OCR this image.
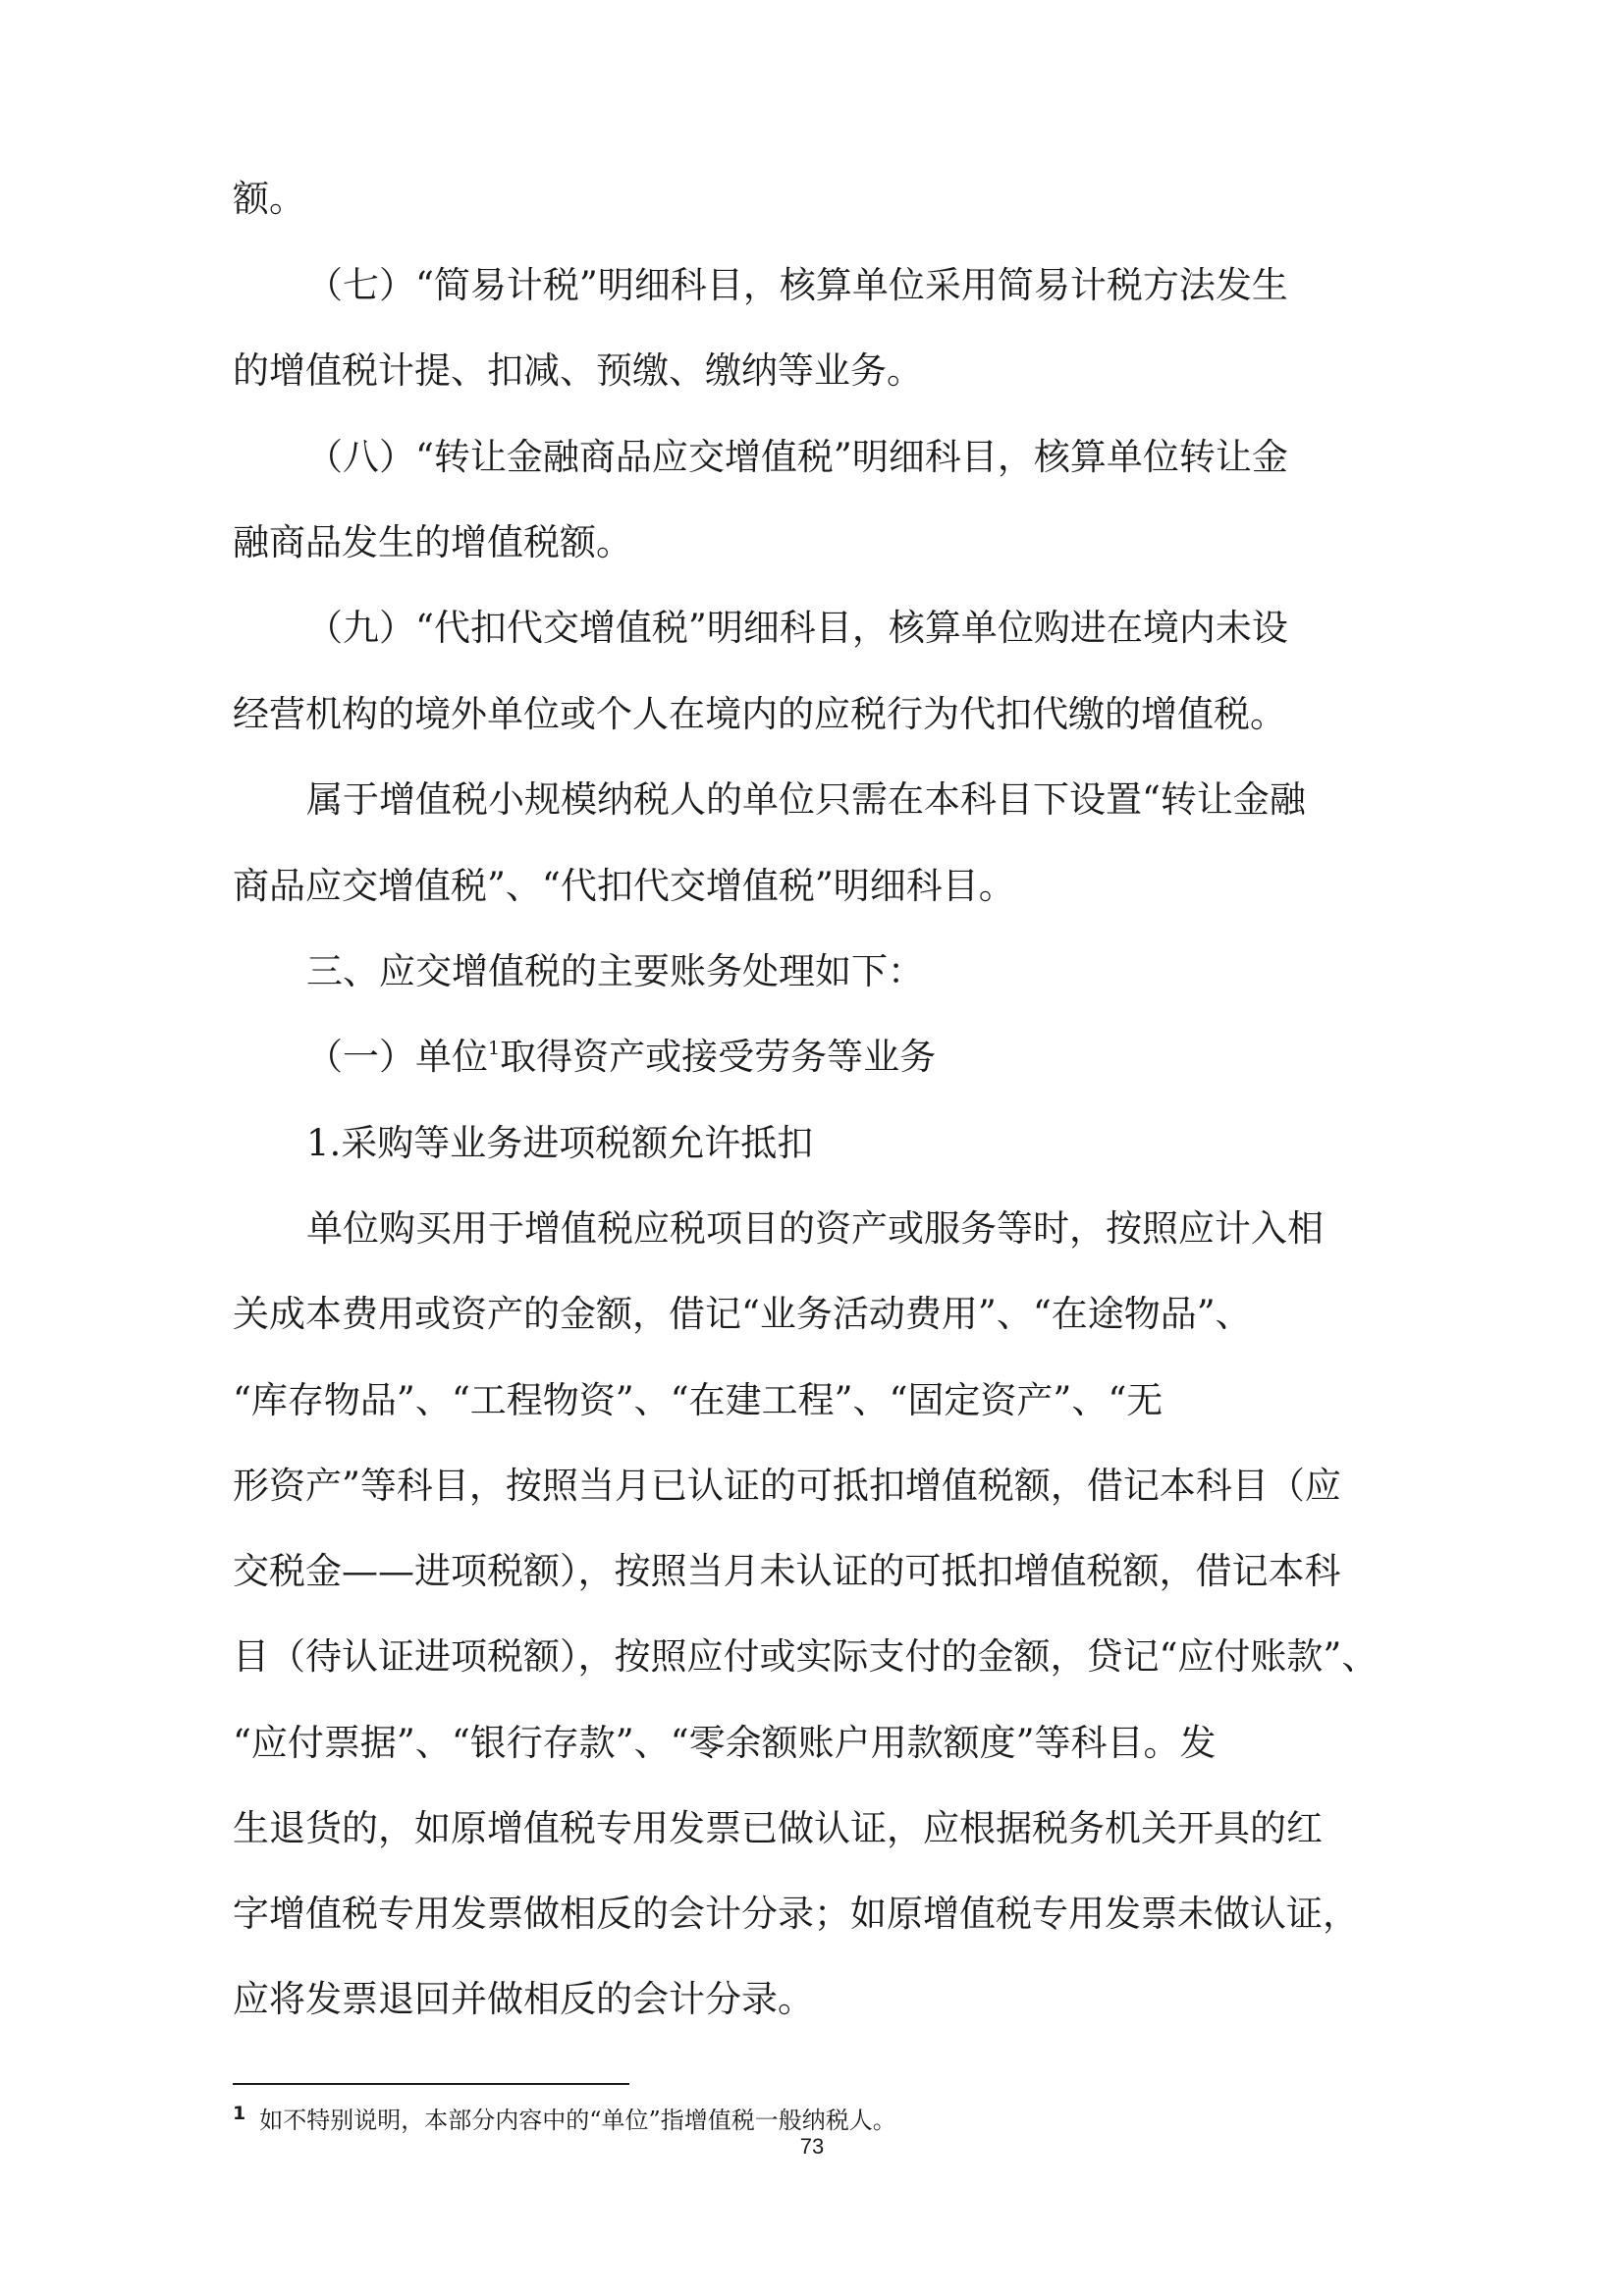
额。
（七）“简易计税”明细科目，核算单位采用简易计税方法发生
的增值税计提、扣减、预缴、缴纳等业务。
（八）“转让金融商品应交增值税”明细科目，核算单位转让金
融商品发生的增值税额。
（九）“代扣代交增值税”明细科目，核算单位购进在境内未设
经营机构的境外单位或个人在境内的应税行为代扣代缴的增值税。
属于增值税小规模纳税人的单位只需在本科目下设置“转让金融
商品应交增值税”、“代扣代交增值税”明细科目。
三、应交增值税的主要账务处理如下：
（一）单位$^1$取得资产或接受劳务等业务
1.采购等业务进项税额允许抵扣
单位购买用于增值税应税项目的资产或服务等时，按照应计入相
关成本费用或资产的金额，借记“业务活动费用”、“在途物品”、
“库存物品”、“工程物资”、“在建工程”、“固定资产”、“无
形资产”等科目，按照当月已认证的可抵扣增值税额，借记本科目（应
交税金——进项税额），按照当月未认证的可抵扣增值税额，借记本科
目（待认证进项税额），按照应付或实际支付的金额，贷记“应付账款”、
“应付票据”、“银行存款”、“零余额账户用款额度”等科目。发
生退货的，如原增值税专用发票已做认证，应根据税务机关开具的红
字增值税专用发票做相反的会计分录；如原增值税专用发票未做认证，
应将发票退回并做相反的会计分录。
$^1$ 如不特别说明，本部分内容中的“单位”指增值税一般纳税人。
73
